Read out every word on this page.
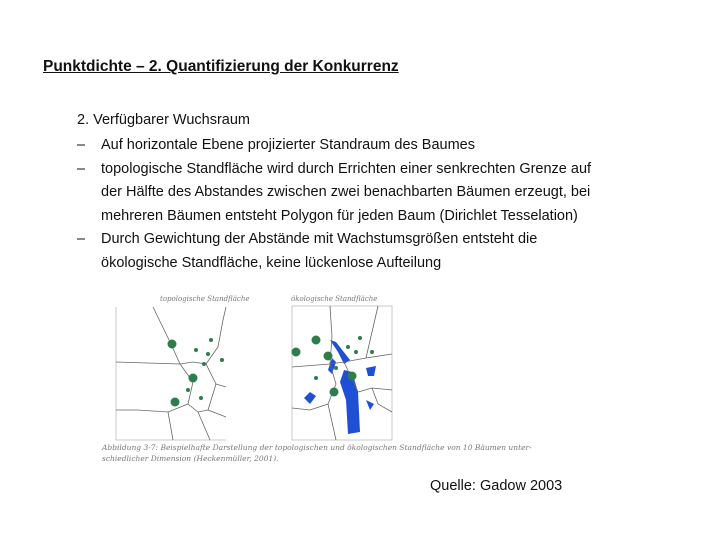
Punktdichte – 2. Quantifizierung der Konkurrenz
2. Verfügbarer Wuchsraum
– Auf horizontale Ebene projizierter Standraum des Baumes
– topologische Standfläche wird durch Errichten einer senkrechten Grenze auf
der Hälfte des Abstandes zwischen zwei benachbarten Bäumen erzeugt, bei
mehreren Bäumen entsteht Polygon für jeden Baum (Dirichlet Tesselation)
– Durch Gewichtung der Abstände mit Wachstumsgrößen entsteht die
ökologische Standfläche, keine lückenlose Aufteilung
topologische Standfläche	ökologische Standfläche
Abbildung 3-7: Beispielhafte Darstellung der topologischen und ökologischen Standfläche von 10 Bäumen unter-
schiedlicher Dimension (Heckenmüller, 2001).
Quelle: Gadow 2003
